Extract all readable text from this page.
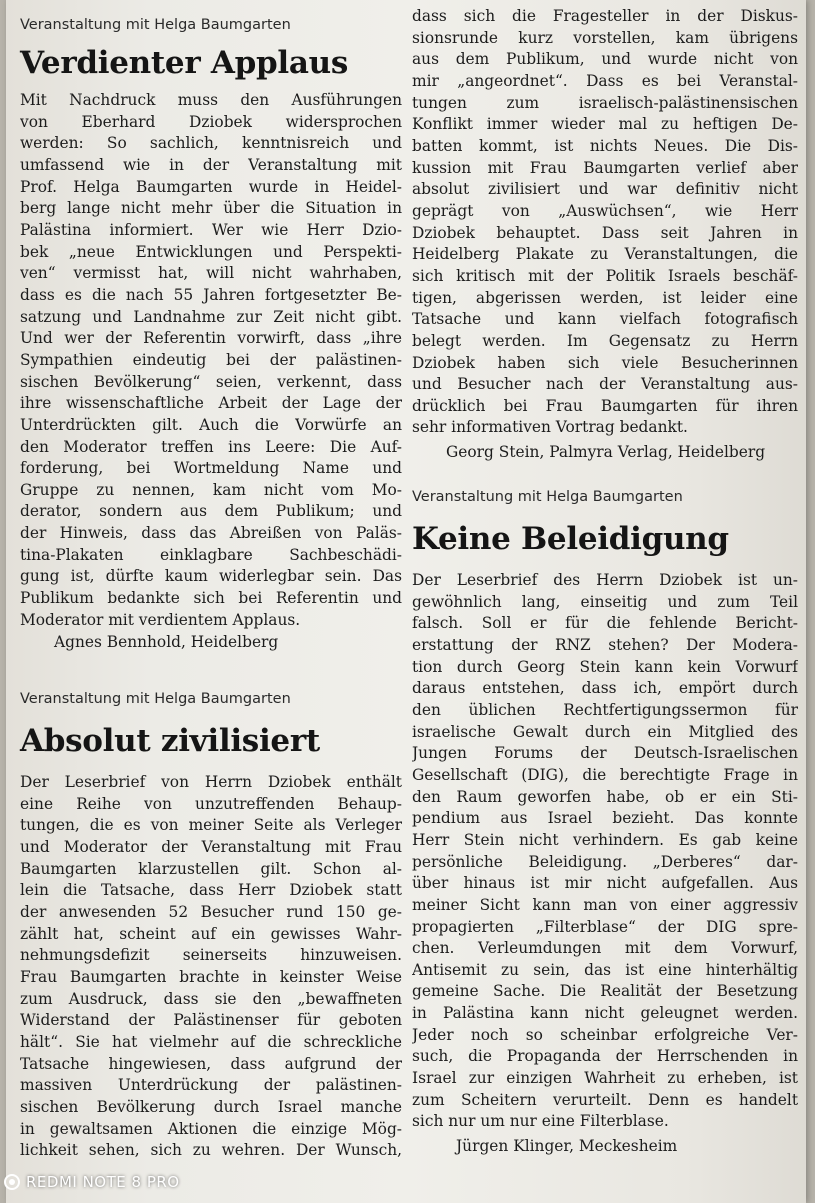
Veranstaltung mit Helga Baumgarten
Verdienter Applaus
Mit Nachdruck muss den Ausführungen
von Eberhard Dziobek widersprochen
werden: So sachlich, kenntnisreich und
umfassend wie in der Veranstaltung mit
Prof. Helga Baumgarten wurde in Heidel-
berg lange nicht mehr über die Situation in
Palästina informiert. Wer wie Herr Dzio-
bek „neue Entwicklungen und Perspekti-
ven“ vermisst hat, will nicht wahrhaben,
dass es die nach 55 Jahren fortgesetzter Be-
satzung und Landnahme zur Zeit nicht gibt.
Und wer der Referentin vorwirft, dass „ihre
Sympathien eindeutig bei der palästinen-
sischen Bevölkerung“ seien, verkennt, dass
ihre wissenschaftliche Arbeit der Lage der
Unterdrückten gilt. Auch die Vorwürfe an
den Moderator treffen ins Leere: Die Auf-
forderung, bei Wortmeldung Name und
Gruppe zu nennen, kam nicht vom Mo-
derator, sondern aus dem Publikum; und
der Hinweis, dass das Abreißen von Paläs-
tina-Plakaten einklagbare Sachbeschädi-
gung ist, dürfte kaum widerlegbar sein. Das
Publikum bedankte sich bei Referentin und
Moderator mit verdientem Applaus.
Agnes Bennhold, Heidelberg
Veranstaltung mit Helga Baumgarten
Absolut zivilisiert
Der Leserbrief von Herrn Dziobek enthält
eine Reihe von unzutreffenden Behaup-
tungen, die es von meiner Seite als Verleger
und Moderator der Veranstaltung mit Frau
Baumgarten klarzustellen gilt. Schon al-
lein die Tatsache, dass Herr Dziobek statt
der anwesenden 52 Besucher rund 150 ge-
zählt hat, scheint auf ein gewisses Wahr-
nehmungsdefizit seinerseits hinzuweisen.
Frau Baumgarten brachte in keinster Weise
zum Ausdruck, dass sie den „bewaffneten
Widerstand der Palästinenser für geboten
hält“. Sie hat vielmehr auf die schreckliche
Tatsache hingewiesen, dass aufgrund der
massiven Unterdrückung der palästinen-
sischen Bevölkerung durch Israel manche
in gewaltsamen Aktionen die einzige Mög-
lichkeit sehen, sich zu wehren. Der Wunsch,
dass sich die Fragesteller in der Diskus-
sionsrunde kurz vorstellen, kam übrigens
aus dem Publikum, und wurde nicht von
mir „angeordnet“. Dass es bei Veranstal-
tungen zum israelisch-palästinensischen
Konflikt immer wieder mal zu heftigen De-
batten kommt, ist nichts Neues. Die Dis-
kussion mit Frau Baumgarten verlief aber
absolut zivilisiert und war definitiv nicht
geprägt von „Auswüchsen“, wie Herr
Dziobek behauptet. Dass seit Jahren in
Heidelberg Plakate zu Veranstaltungen, die
sich kritisch mit der Politik Israels beschäf-
tigen, abgerissen werden, ist leider eine
Tatsache und kann vielfach fotografisch
belegt werden. Im Gegensatz zu Herrn
Dziobek haben sich viele Besucherinnen
und Besucher nach der Veranstaltung aus-
drücklich bei Frau Baumgarten für ihren
sehr informativen Vortrag bedankt.
Georg Stein, Palmyra Verlag, Heidelberg
Veranstaltung mit Helga Baumgarten
Keine Beleidigung
Der Leserbrief des Herrn Dziobek ist un-
gewöhnlich lang, einseitig und zum Teil
falsch. Soll er für die fehlende Bericht-
erstattung der RNZ stehen? Der Modera-
tion durch Georg Stein kann kein Vorwurf
daraus entstehen, dass ich, empört durch
den üblichen Rechtfertigungssermon für
israelische Gewalt durch ein Mitglied des
Jungen Forums der Deutsch-Israelischen
Gesellschaft (DIG), die berechtigte Frage in
den Raum geworfen habe, ob er ein Sti-
pendium aus Israel bezieht. Das konnte
Herr Stein nicht verhindern. Es gab keine
persönliche Beleidigung. „Derberes“ dar-
über hinaus ist mir nicht aufgefallen. Aus
meiner Sicht kann man von einer aggressiv
propagierten „Filterblase“ der DIG spre-
chen. Verleumdungen mit dem Vorwurf,
Antisemit zu sein, das ist eine hinterhältig
gemeine Sache. Die Realität der Besetzung
in Palästina kann nicht geleugnet werden.
Jeder noch so scheinbar erfolgreiche Ver-
such, die Propaganda der Herrschenden in
Israel zur einzigen Wahrheit zu erheben, ist
zum Scheitern verurteilt. Denn es handelt
sich nur um nur eine Filterblase.
Jürgen Klinger, Meckesheim
REDMI NOTE 8 PRO
